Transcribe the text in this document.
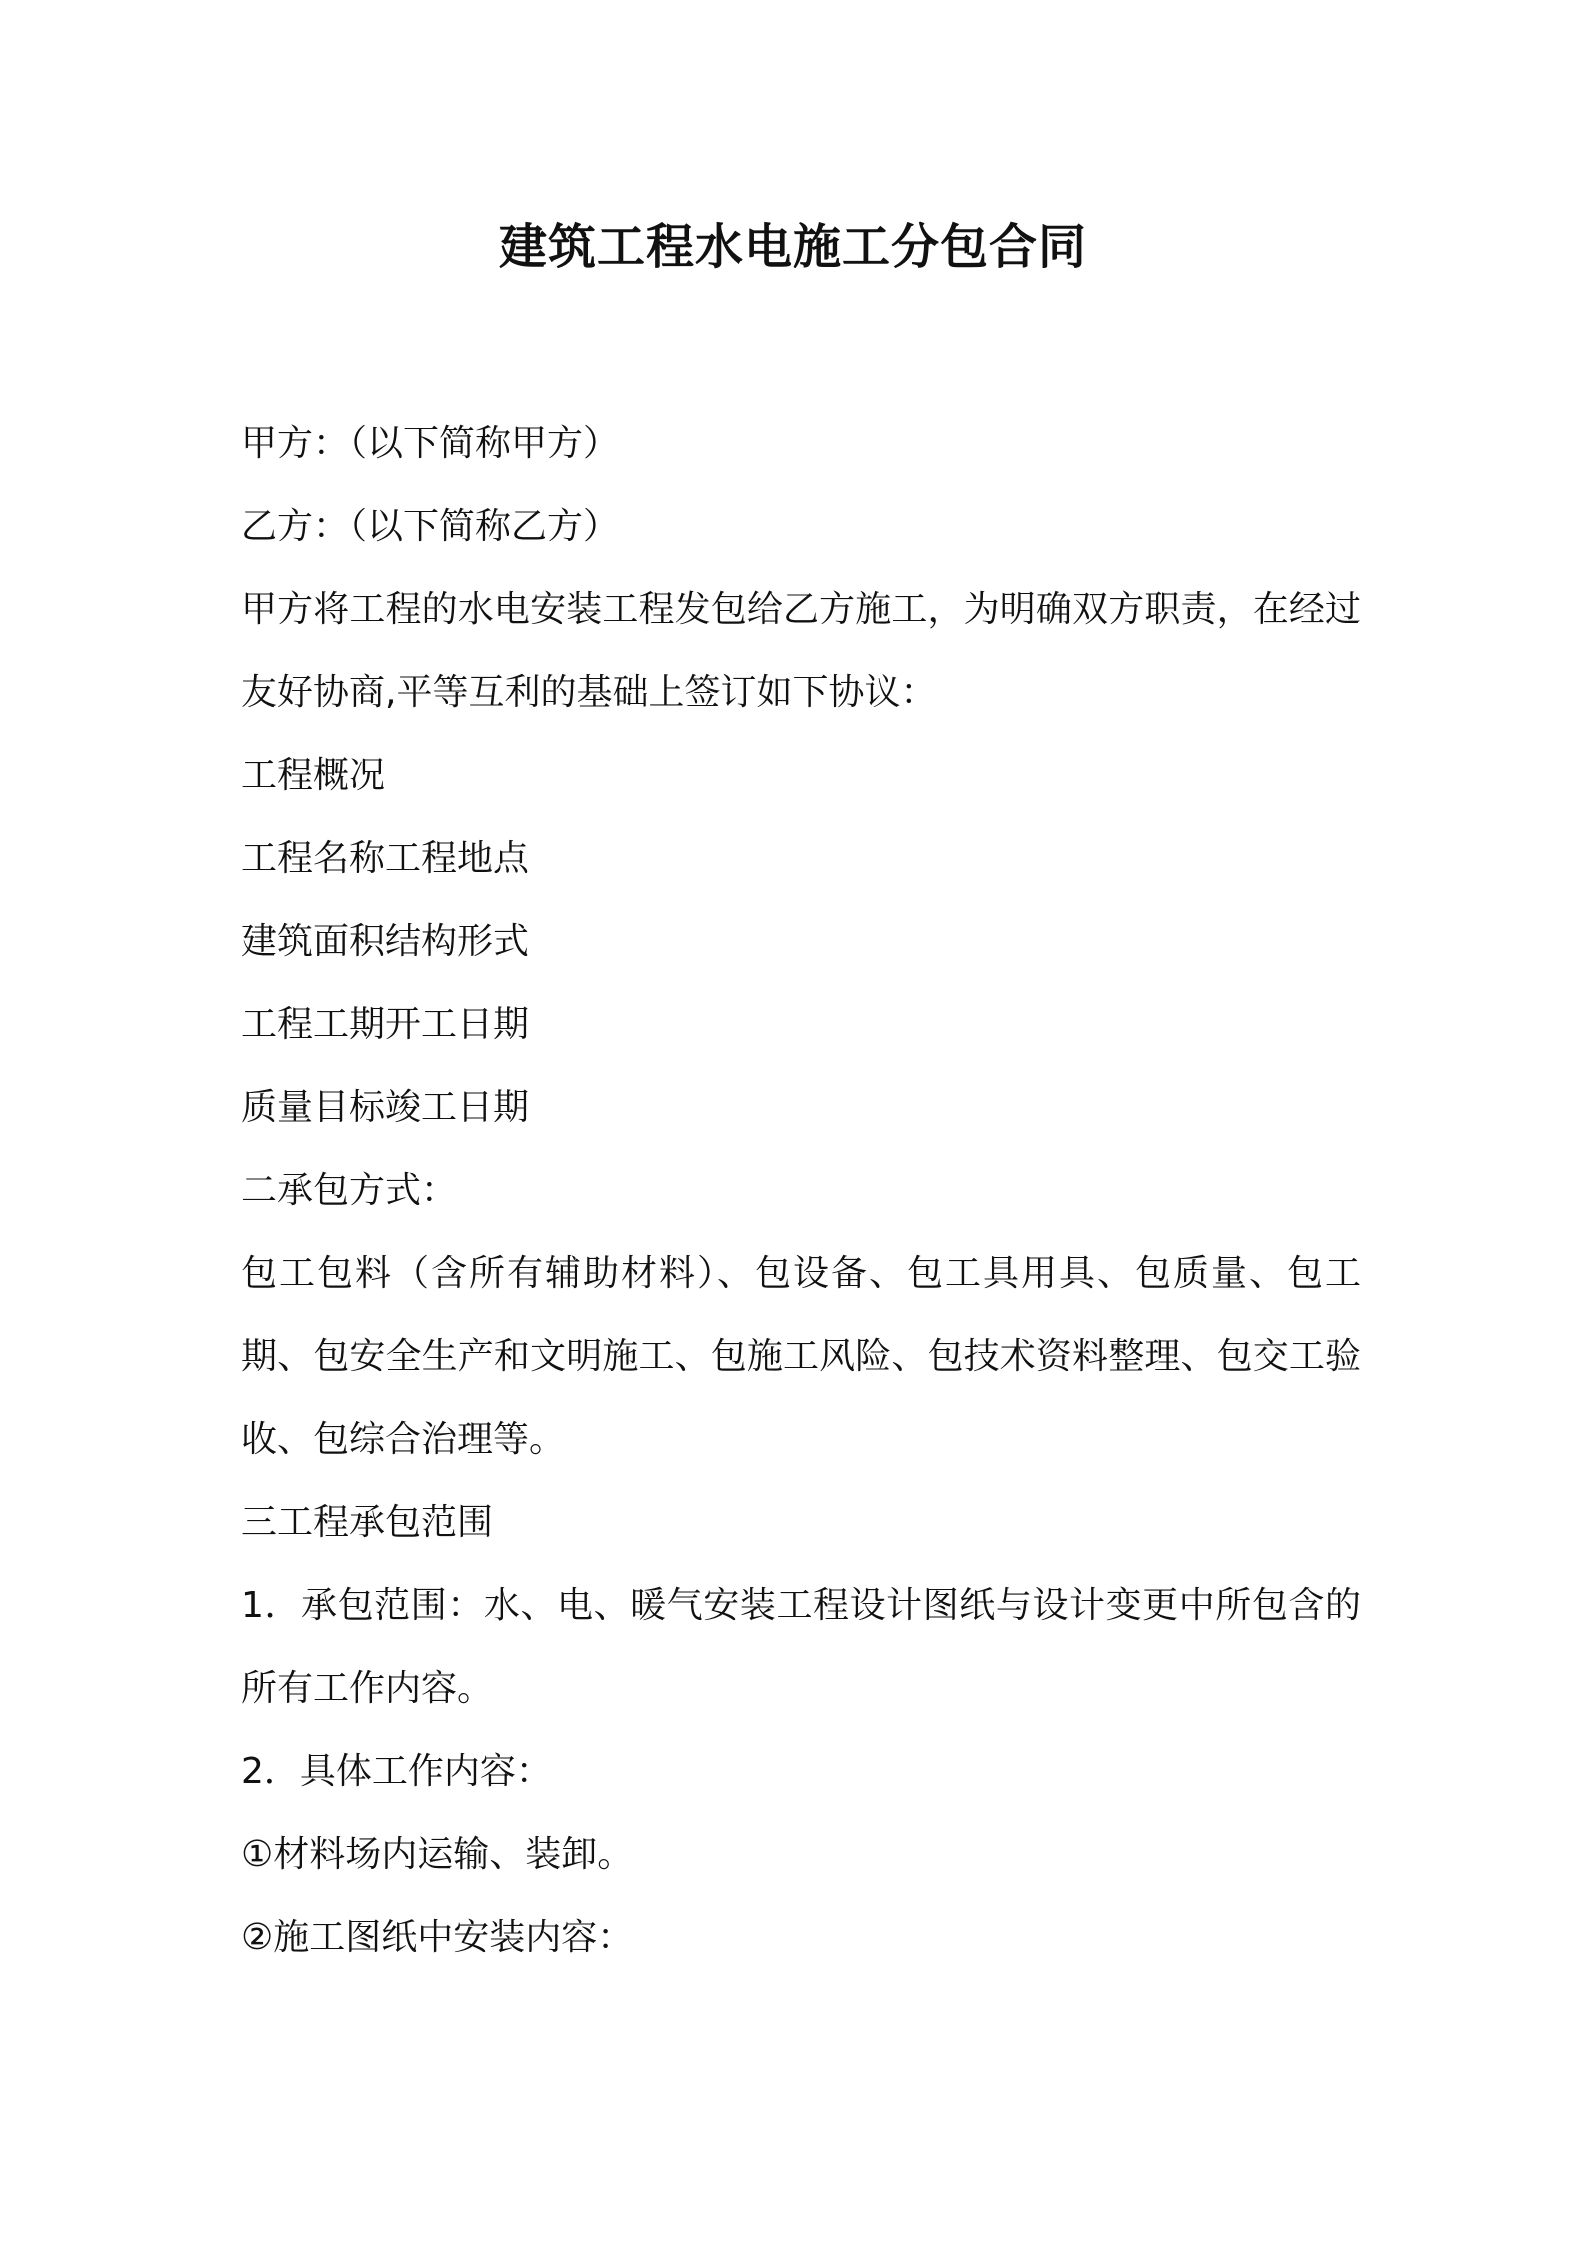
建筑工程水电施工分包合同

甲方：（以下简称甲方）

乙方：（以下简称乙方）

甲方将工程的水电安装工程发包给乙方施工，为明确双方职责，在经过友好协商,平等互利的基础上签订如下协议：

工程概况

工程名称工程地点

建筑面积结构形式

工程工期开工日期

质量目标竣工日期

二承包方式：

包工包料（含所有辅助材料）、包设备、包工具用具、包质量、包工期、包安全生产和文明施工、包施工风险、包技术资料整理、包交工验收、包综合治理等。

三工程承包范围

1．承包范围：水、电、暖气安装工程设计图纸与设计变更中所包含的所有工作内容。

2．具体工作内容：

①材料场内运输、装卸。

②施工图纸中安装内容：
